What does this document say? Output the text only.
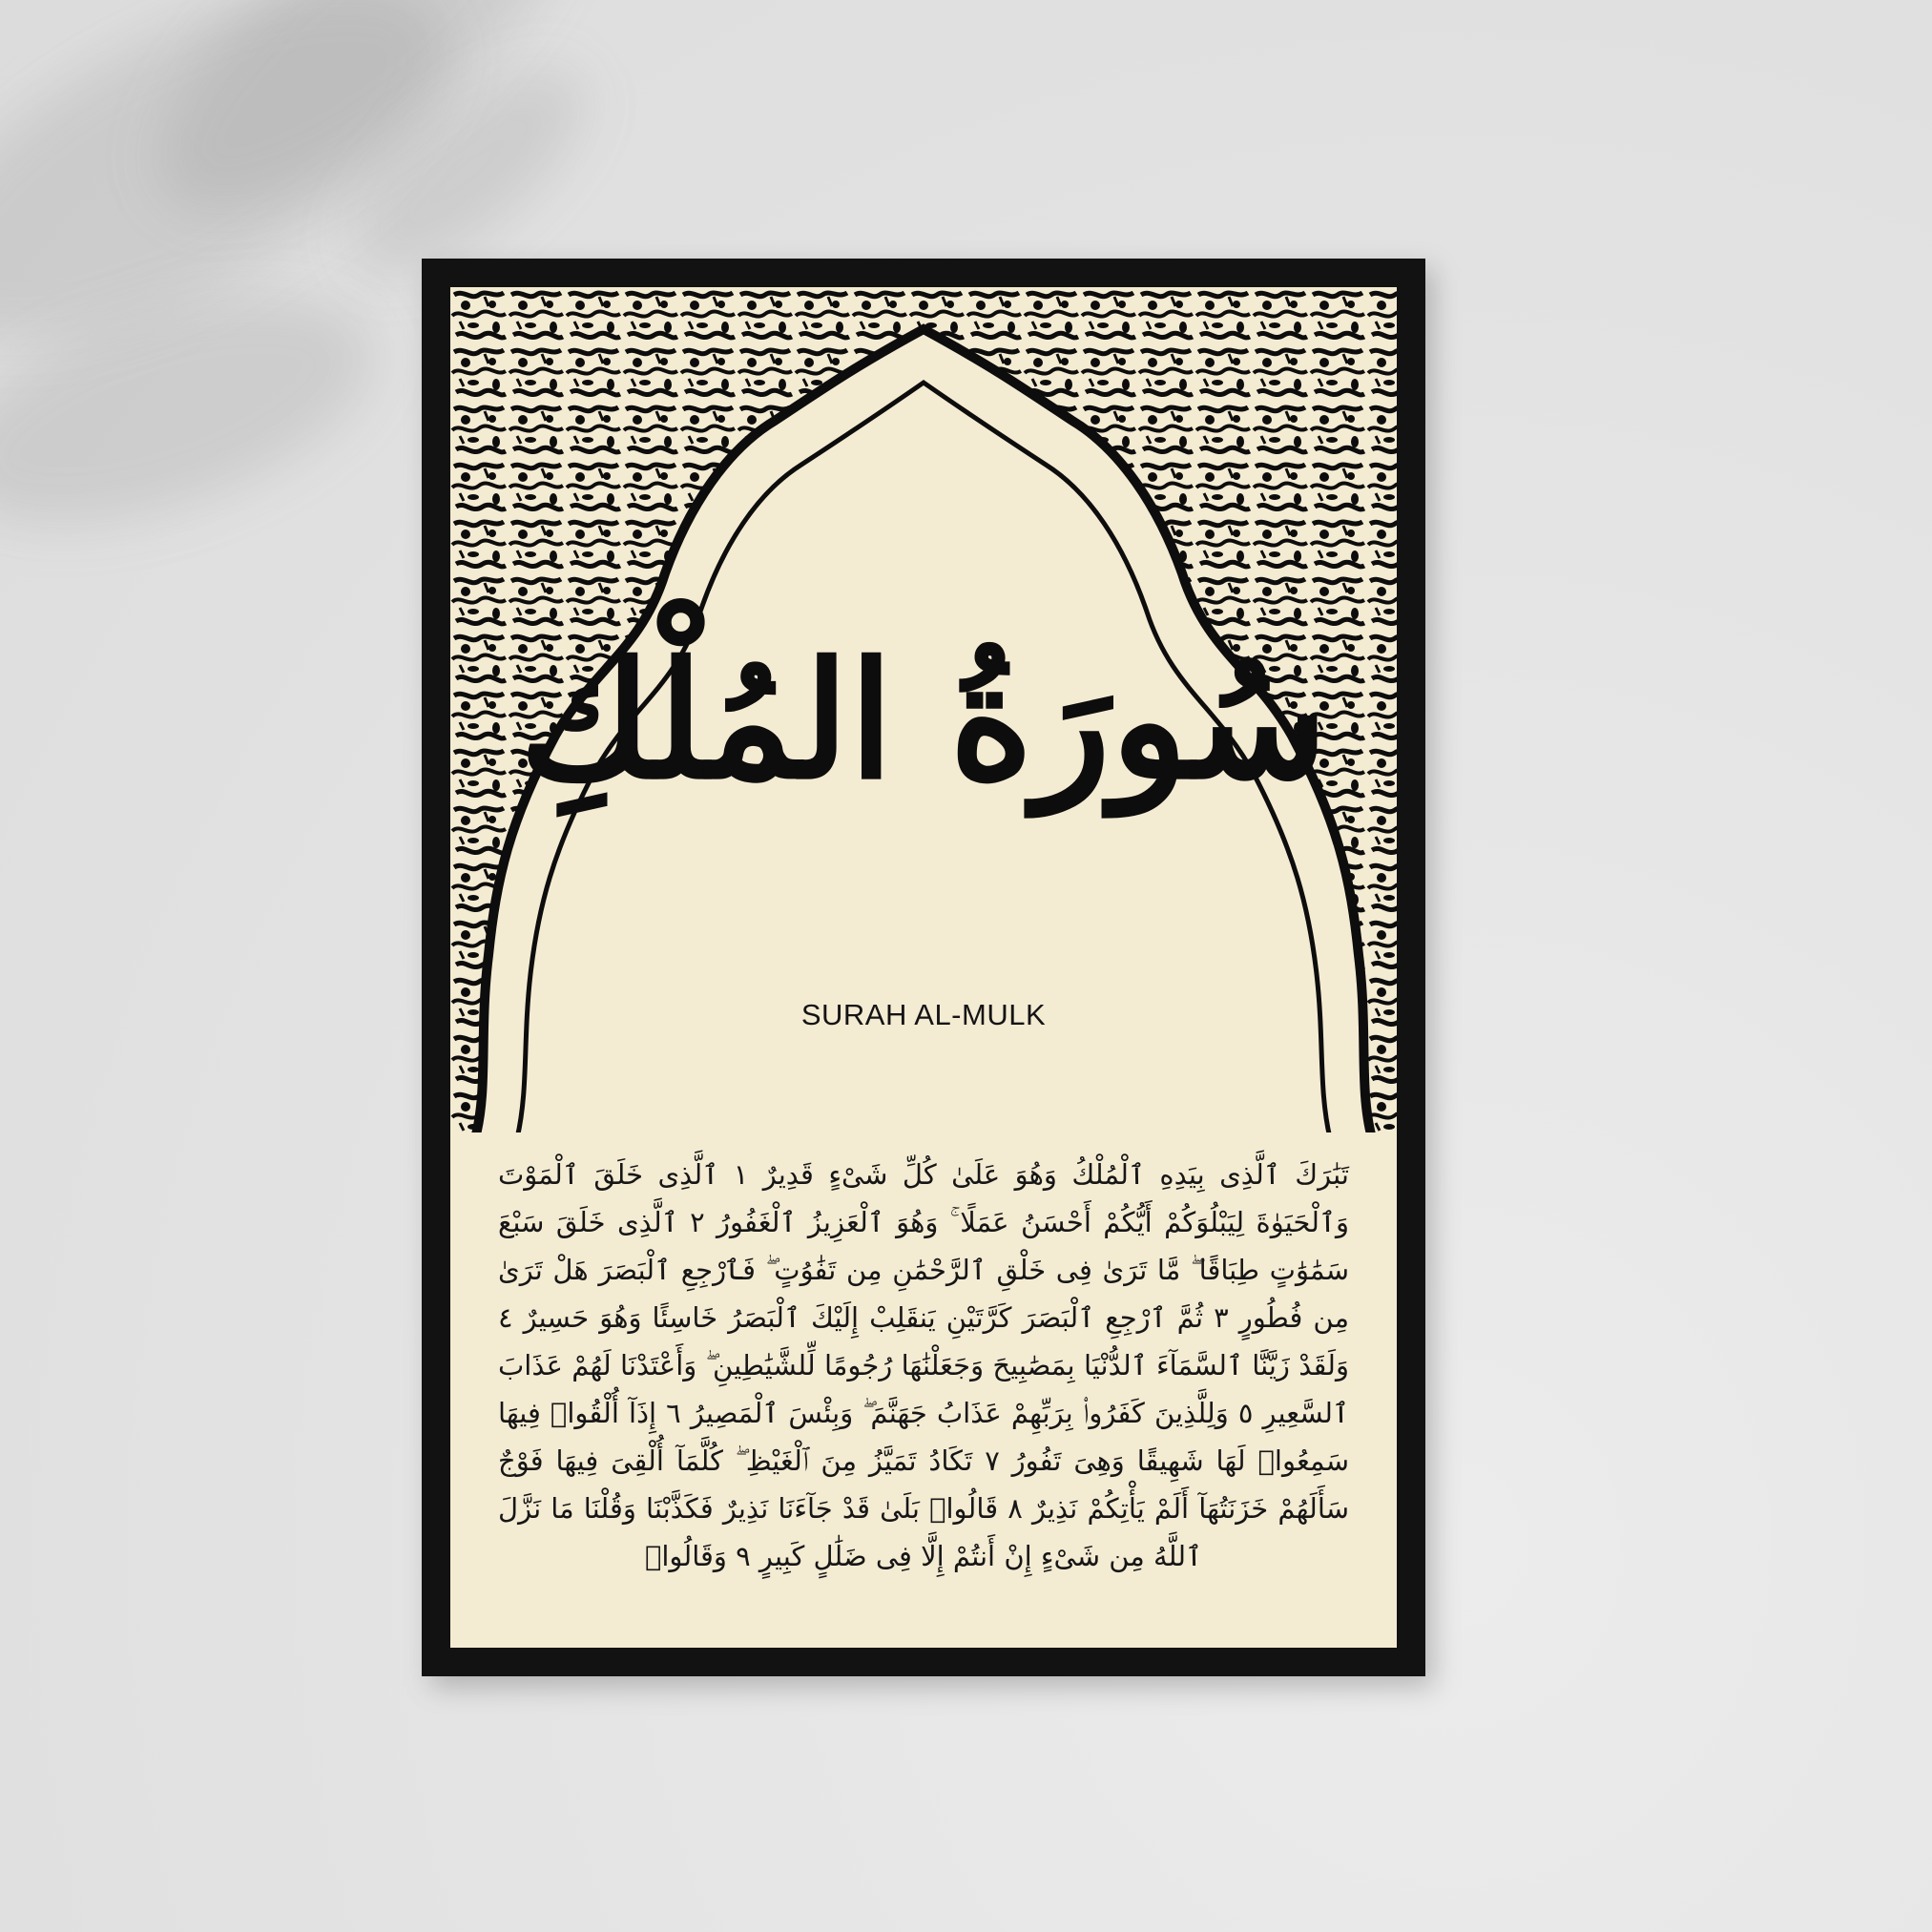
سُورَةُ المُلْكِ
SURAH AL-MULK
تَبَٰرَكَ ٱلَّذِى بِيَدِهِ ٱلْمُلْكُ وَهُوَ عَلَىٰ كُلِّ شَىْءٍ قَدِيرٌ ١ ٱلَّذِى خَلَقَ ٱلْمَوْتَ وَٱلْحَيَوٰةَ لِيَبْلُوَكُمْ أَيُّكُمْ أَحْسَنُ عَمَلًا ۚ وَهُوَ ٱلْعَزِيزُ ٱلْغَفُورُ ٢ ٱلَّذِى خَلَقَ سَبْعَ سَمَٰوَٰتٍ طِبَاقًا ۖ مَّا تَرَىٰ فِى خَلْقِ ٱلرَّحْمَٰنِ مِن تَفَٰوُتٍ ۖ فَٱرْجِعِ ٱلْبَصَرَ هَلْ تَرَىٰ مِن فُطُورٍ ٣ ثُمَّ ٱرْجِعِ ٱلْبَصَرَ كَرَّتَيْنِ يَنقَلِبْ إِلَيْكَ ٱلْبَصَرُ خَاسِئًا وَهُوَ حَسِيرٌ ٤ وَلَقَدْ زَيَّنَّا ٱلسَّمَآءَ ٱلدُّنْيَا بِمَصَٰبِيحَ وَجَعَلْنَٰهَا رُجُومًا لِّلشَّيَٰطِينِ ۖ وَأَعْتَدْنَا لَهُمْ عَذَابَ ٱلسَّعِيرِ ٥ وَلِلَّذِينَ كَفَرُوا۟ بِرَبِّهِمْ عَذَابُ جَهَنَّمَ ۖ وَبِئْسَ ٱلْمَصِيرُ ٦ إِذَآ أُلْقُوا۟ فِيهَا سَمِعُوا۟ لَهَا شَهِيقًا وَهِىَ تَفُورُ ٧ تَكَادُ تَمَيَّزُ مِنَ ٱلْغَيْظِ ۖ كُلَّمَآ أُلْقِىَ فِيهَا فَوْجٌ سَأَلَهُمْ خَزَنَتُهَآ أَلَمْ يَأْتِكُمْ نَذِيرٌ ٨ قَالُوا۟ بَلَىٰ قَدْ جَآءَنَا نَذِيرٌ فَكَذَّبْنَا وَقُلْنَا مَا نَزَّلَ ٱللَّهُ مِن شَىْءٍ إِنْ أَنتُمْ إِلَّا فِى ضَلَٰلٍ كَبِيرٍ ٩ وَقَالُوا۟
